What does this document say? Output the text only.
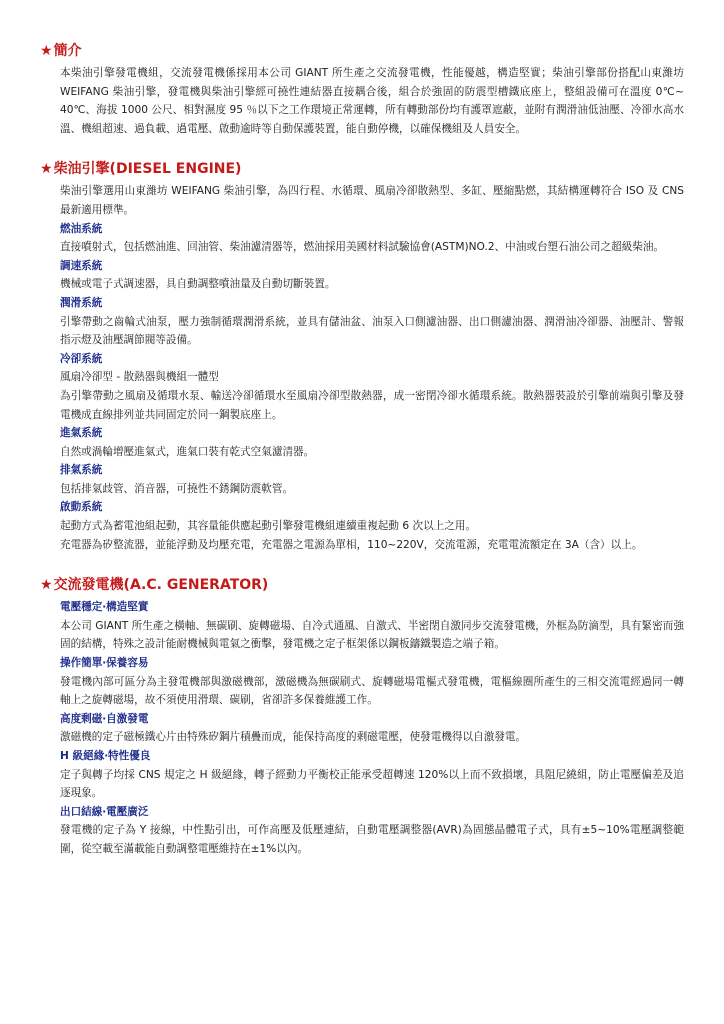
★ 簡介

本柴油引擎發電機組，交流發電機係採用本公司 GIANT 所生產之交流發電機，性能優越，構造堅實；柴油引擎部份搭配山東濰坊 WEIFANG 柴油引擎，發電機與柴油引擎經可撓性連結器直接耦合後，組合於強固的防震型槽鐵底座上，整組設備可在溫度 0℃~ 40℃、海拔 1000 公尺、相對濕度 95 ％以下之工作環境正常運轉，所有轉動部份均有護罩遮蔽，並附有潤滑油低油壓、冷卻水高水溫、機組超速、過負載、過電壓、啟動逾時等自動保護裝置，能自動停機，以確保機組及人員安全。

★ 柴油引擎(DIESEL ENGINE)

柴油引擎選用山東濰坊 WEIFANG 柴油引擎，為四行程、水循環、風扇冷卻散熱型、多缸、壓縮點燃，其結構運轉符合 ISO 及 CNS 最新適用標準。

燃油系統

直接噴射式，包括燃油進、回油管、柴油濾清器等，燃油採用美國材料試驗協會(ASTM)NO.2、中油或台塑石油公司之超級柴油。

調速系統

機械或電子式調速器，具自動調整噴油量及自動切斷裝置。

潤滑系統

引擎帶動之齒輪式油泵，壓力強制循環潤滑系統，並具有儲油盆、油泵入口側濾油器、出口側濾油器、潤滑油冷卻器、油壓計、警報指示燈及油壓調節閥等設備。

冷卻系統

風扇冷卻型 - 散熱器與機組一體型

為引擎帶動之風扇及循環水泵、輸送冷卻循環水至風扇冷卻型散熱器，成一密閉冷卻水循環系統。散熱器裝設於引擎前端與引擎及發電機成直線排列並共同固定於同一鋼製底座上。

進氣系統

自然或渦輪增壓進氣式，進氣口裝有乾式空氣濾清器。

排氣系統

包括排氣歧管、消音器，可撓性不銹鋼防震軟管。

啟動系統

起動方式為蓄電池組起動，其容量能供應起動引擎發電機組連續重複起動 6 次以上之用。

充電器為矽整流器，並能浮動及均壓充電，充電器之電源為單相，110~220V，交流電源，充電電流額定在 3A（含）以上。

★ 交流發電機(A.C. GENERATOR)

電壓穩定‧構造堅實

本公司 GIANT 所生產之橫軸、無碳刷、旋轉磁場、自冷式通風、自激式、半密閉自激同步交流發電機，外框為防滴型，具有緊密而強固的結構，特殊之設計能耐機械與電氣之衝擊，發電機之定子框架係以鋼板鑄鐵製造之端子箱。

操作簡單‧保養容易

發電機內部可區分為主發電機部與激磁機部，激磁機為無碳刷式、旋轉磁場電樞式發電機，電樞線圈所產生的三相交流電經過同一轉軸上之旋轉磁場，故不須使用滑環、碳刷，省卻許多保養維護工作。

高度剩磁‧自激發電

激磁機的定子磁極鐵心片由特殊矽鋼片積疊而成，能保持高度的剩磁電壓，使發電機得以自激發電。

H 級絕緣‧特性優良

定子與轉子均採 CNS 規定之 H 級絕緣，轉子經動力平衡校正能承受超轉速 120%以上而不致損壞，具阻尼繞組，防止電壓偏差及追逐現象。

出口結線‧電壓廣泛

發電機的定子為 Y 接線，中性點引出，可作高壓及低壓連結，自動電壓調整器(AVR)為固態晶體電子式，具有±5~10%電壓調整範圍，從空載至滿載能自動調整電壓維持在±1%以內。
